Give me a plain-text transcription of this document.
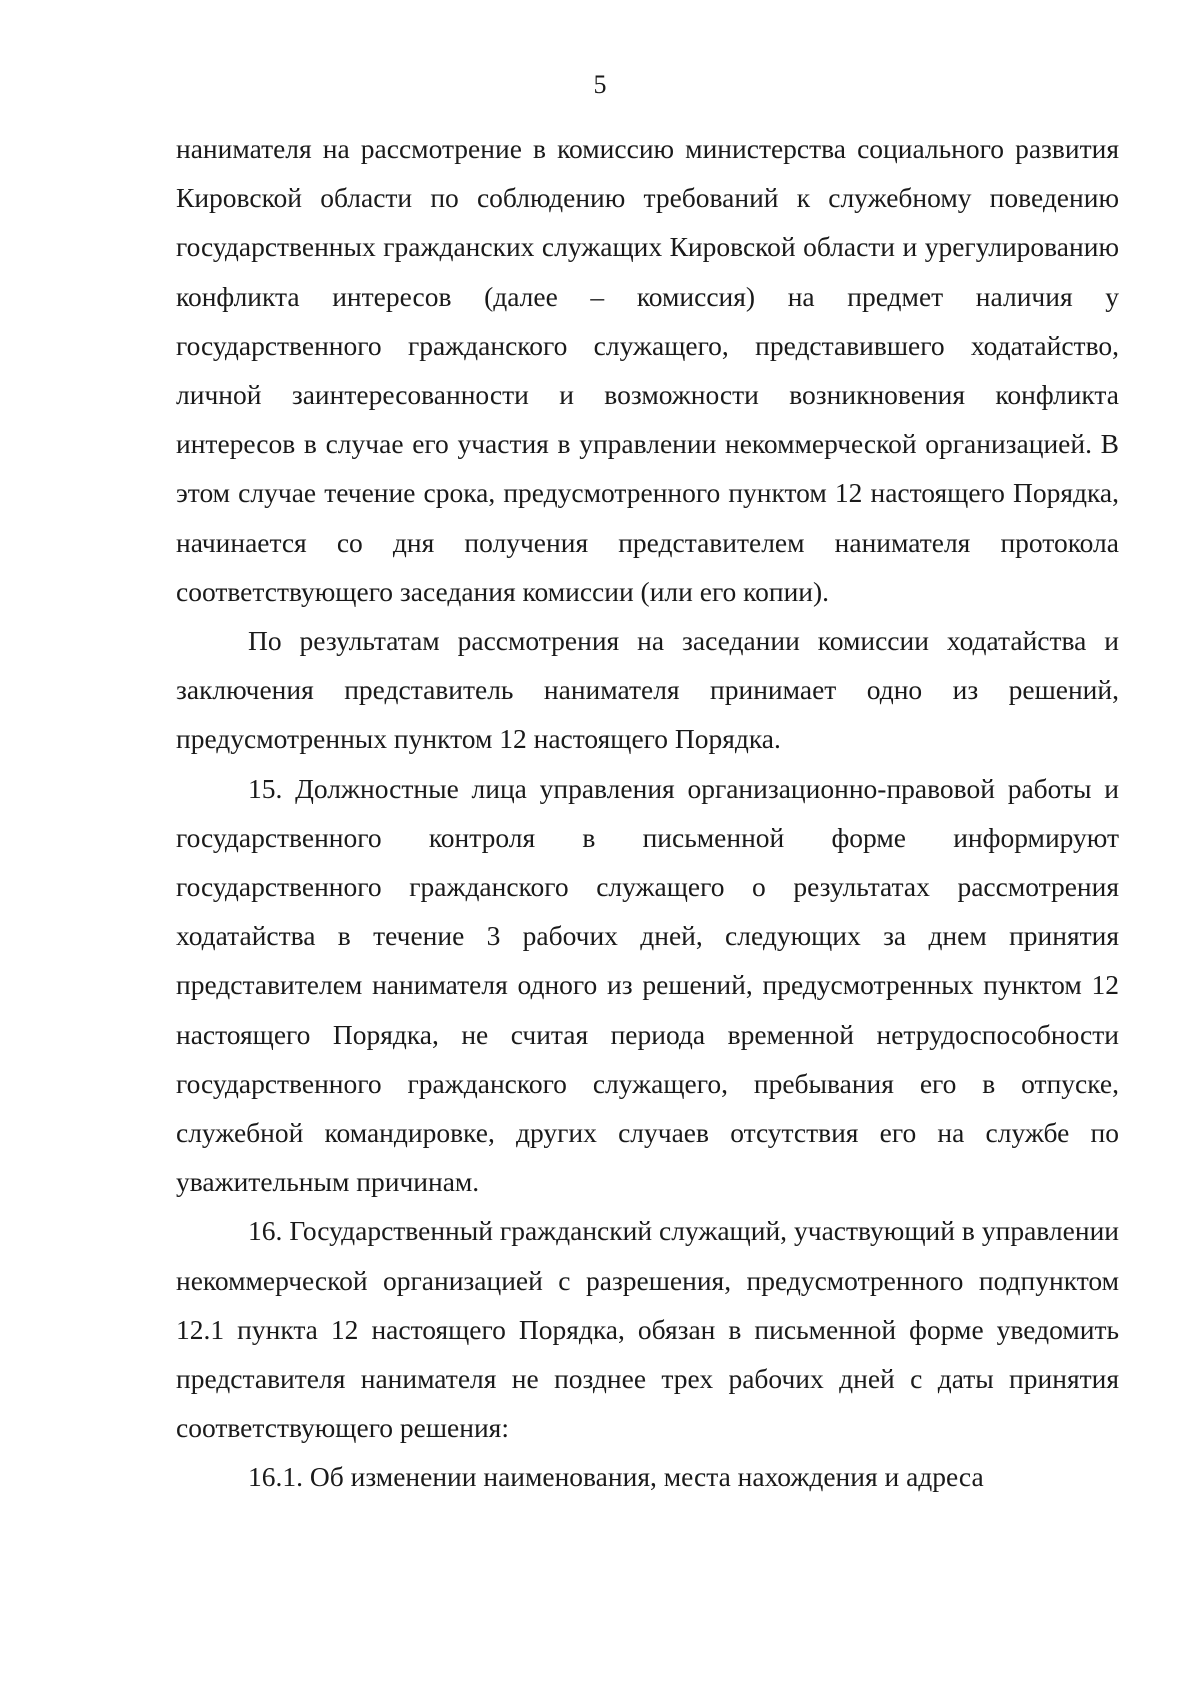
5

нанимателя на рассмотрение в комиссию министерства социального развития Кировской области по соблюдению требований к служебному поведению государственных гражданских служащих Кировской области и урегулированию конфликта интересов (далее – комиссия) на предмет наличия у государственного гражданского служащего, представившего ходатайство, личной заинтересованности и возможности возникновения конфликта интересов в случае его участия в управлении некоммерческой организацией. В этом случае течение срока, предусмотренного пунктом 12 настоящего Порядка, начинается со дня получения представителем нанимателя протокола соответствующего заседания комиссии (или его копии).

По результатам рассмотрения на заседании комиссии ходатайства и заключения представитель нанимателя принимает одно из решений, предусмотренных пунктом 12 настоящего Порядка.

15. Должностные лица управления организационно-правовой работы и государственного контроля в письменной форме информируют государственного гражданского служащего о результатах рассмотрения ходатайства в течение 3 рабочих дней, следующих за днем принятия представителем нанимателя одного из решений, предусмотренных пунктом 12 настоящего Порядка, не считая периода временной нетрудоспособности государственного гражданского служащего, пребывания его в отпуске, служебной командировке, других случаев отсутствия его на службе по уважительным причинам.

16. Государственный гражданский служащий, участвующий в управлении некоммерческой организацией с разрешения, предусмотренного подпунктом 12.1 пункта 12 настоящего Порядка, обязан в письменной форме уведомить представителя нанимателя не позднее трех рабочих дней с даты принятия соответствующего решения:

16.1. Об изменении наименования, места нахождения и адреса
